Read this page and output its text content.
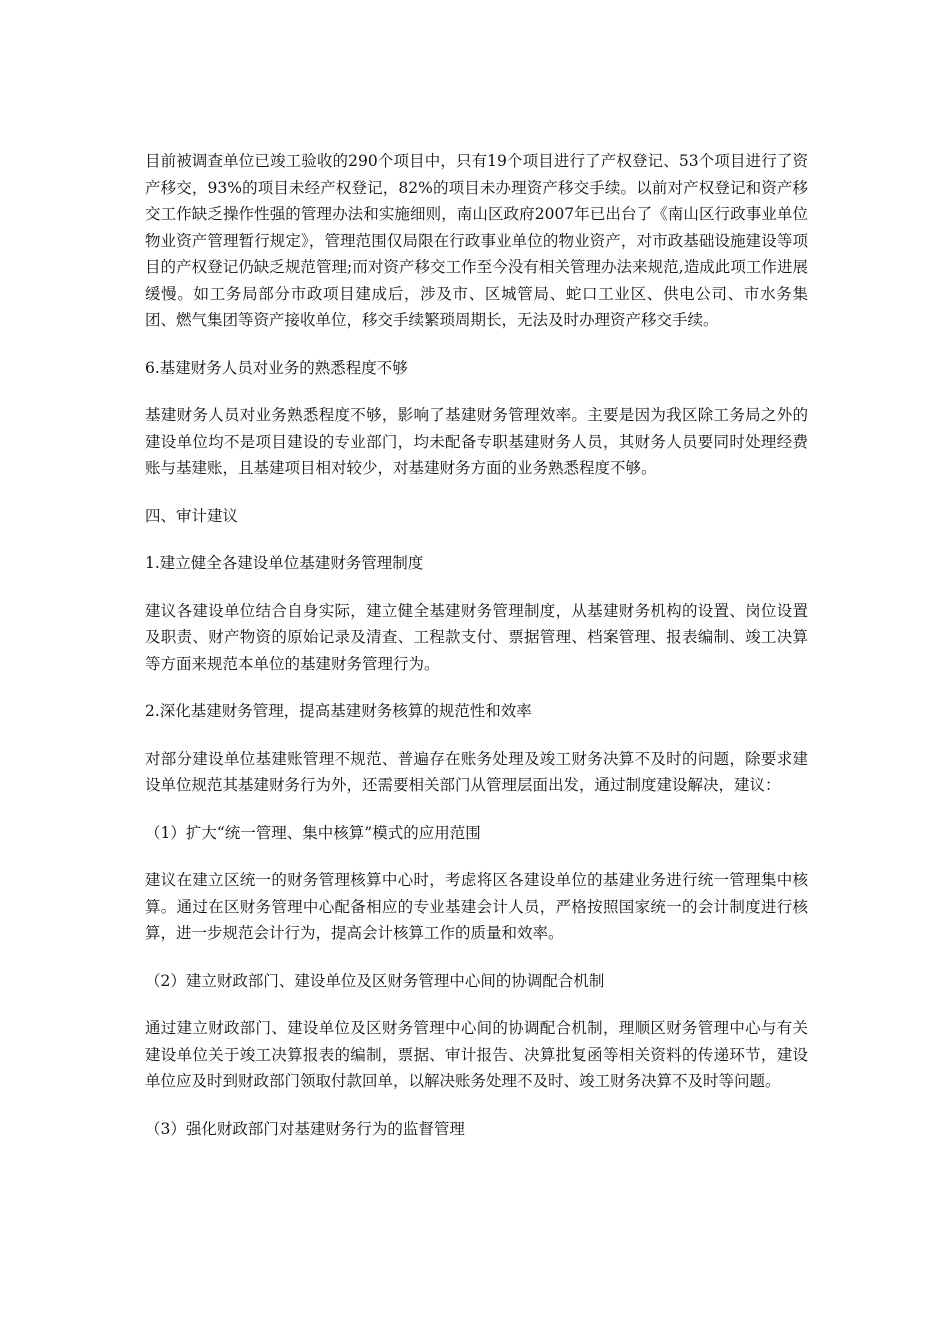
目前被调查单位已竣工验收的290个项目中，只有19个项目进行了产权登记、53个项目进行了资产移交，93%的项目未经产权登记，82%的项目未办理资产移交手续。以前对产权登记和资产移交工作缺乏操作性强的管理办法和实施细则，南山区政府2007年已出台了《南山区行政事业单位物业资产管理暂行规定》，管理范围仅局限在行政事业单位的物业资产，对市政基础设施建设等项目的产权登记仍缺乏规范管理;而对资产移交工作至今没有相关管理办法来规范,造成此项工作进展缓慢。如工务局部分市政项目建成后，涉及市、区城管局、蛇口工业区、供电公司、市水务集团、燃气集团等资产接收单位，移交手续繁琐周期长，无法及时办理资产移交手续。

6.基建财务人员对业务的熟悉程度不够

基建财务人员对业务熟悉程度不够，影响了基建财务管理效率。主要是因为我区除工务局之外的建设单位均不是项目建设的专业部门，均未配备专职基建财务人员，其财务人员要同时处理经费账与基建账，且基建项目相对较少，对基建财务方面的业务熟悉程度不够。

四、审计建议

1.建立健全各建设单位基建财务管理制度

建议各建设单位结合自身实际，建立健全基建财务管理制度，从基建财务机构的设置、岗位设置及职责、财产物资的原始记录及清查、工程款支付、票据管理、档案管理、报表编制、竣工决算等方面来规范本单位的基建财务管理行为。

2.深化基建财务管理，提高基建财务核算的规范性和效率

对部分建设单位基建账管理不规范、普遍存在账务处理及竣工财务决算不及时的问题，除要求建设单位规范其基建财务行为外，还需要相关部门从管理层面出发，通过制度建设解决，建议：

（1）扩大“统一管理、集中核算”模式的应用范围

建议在建立区统一的财务管理核算中心时，考虑将区各建设单位的基建业务进行统一管理集中核算。通过在区财务管理中心配备相应的专业基建会计人员，严格按照国家统一的会计制度进行核算，进一步规范会计行为，提高会计核算工作的质量和效率。

（2）建立财政部门、建设单位及区财务管理中心间的协调配合机制

通过建立财政部门、建设单位及区财务管理中心间的协调配合机制，理顺区财务管理中心与有关建设单位关于竣工决算报表的编制，票据、审计报告、决算批复函等相关资料的传递环节，建设单位应及时到财政部门领取付款回单，以解决账务处理不及时、竣工财务决算不及时等问题。

（3）强化财政部门对基建财务行为的监督管理
